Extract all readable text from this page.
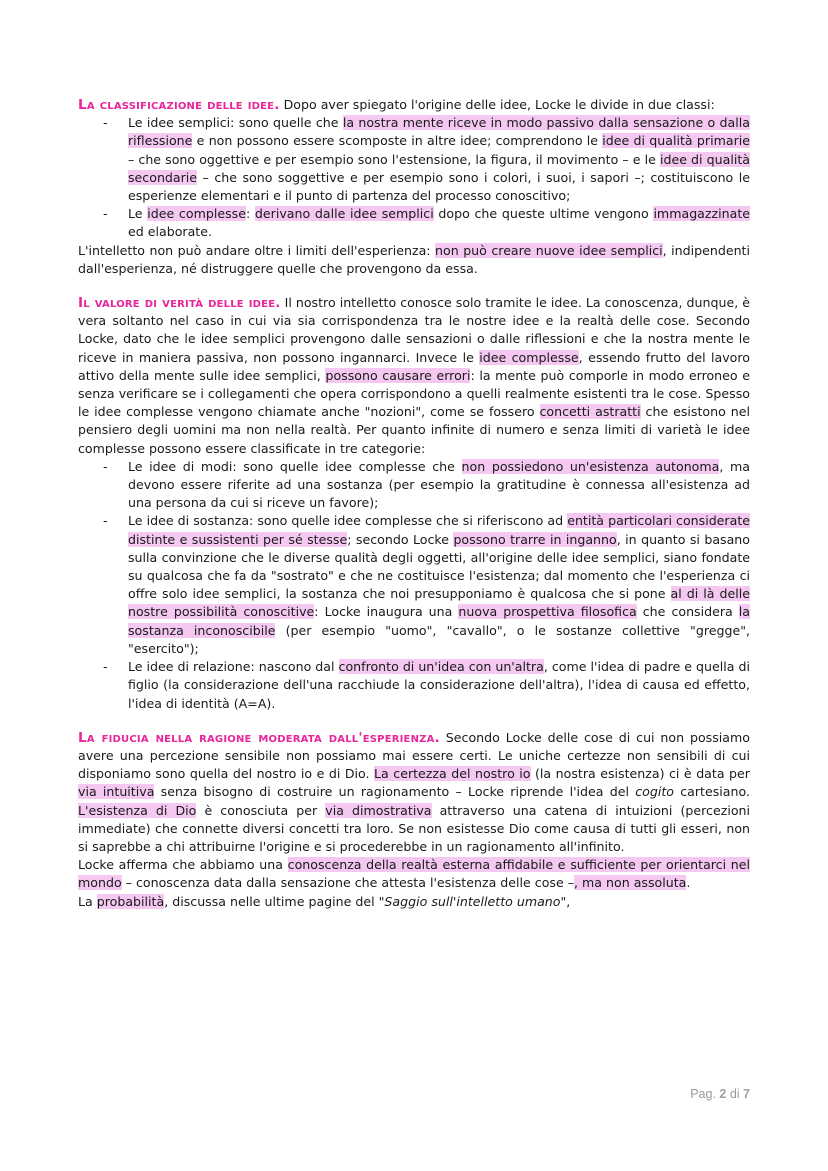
La classificazione delle idee. Dopo aver spiegato l'origine delle idee, Locke le divide in due classi:

- Le idee semplici: sono quelle che la nostra mente riceve in modo passivo dalla sensazione o dalla riflessione e non possono essere scomposte in altre idee; comprendono le idee di qualità primarie – che sono oggettive e per esempio sono l'estensione, la figura, il movimento – e le idee di qualità secondarie – che sono soggettive e per esempio sono i colori, i suoi, i sapori –; costituiscono le esperienze elementari e il punto di partenza del processo conoscitivo;
- Le idee complesse: derivano dalle idee semplici dopo che queste ultime vengono immagazzinate ed elaborate.

L'intelletto non può andare oltre i limiti dell'esperienza: non può creare nuove idee semplici, indipendenti dall'esperienza, né distruggere quelle che provengono da essa.

Il valore di verità delle idee. Il nostro intelletto conosce solo tramite le idee. La conoscenza, dunque, è vera soltanto nel caso in cui via sia corrispondenza tra le nostre idee e la realtà delle cose. Secondo Locke, dato che le idee semplici provengono dalle sensazioni o dalle riflessioni e che la nostra mente le riceve in maniera passiva, non possono ingannarci. Invece le idee complesse, essendo frutto del lavoro attivo della mente sulle idee semplici, possono causare errori: la mente può comporle in modo erroneo e senza verificare se i collegamenti che opera corrispondono a quelli realmente esistenti tra le cose. Spesso le idee complesse vengono chiamate anche "nozioni", come se fossero concetti astratti che esistono nel pensiero degli uomini ma non nella realtà. Per quanto infinite di numero e senza limiti di varietà le idee complesse possono essere classificate in tre categorie:

- Le idee di modi: sono quelle idee complesse che non possiedono un'esistenza autonoma, ma devono essere riferite ad una sostanza (per esempio la gratitudine è connessa all'esistenza ad una persona da cui si riceve un favore);
- Le idee di sostanza: sono quelle idee complesse che si riferiscono ad entità particolari considerate distinte e sussistenti per sé stesse; secondo Locke possono trarre in inganno, in quanto si basano sulla convinzione che le diverse qualità degli oggetti, all'origine delle idee semplici, siano fondate su qualcosa che fa da "sostrato" e che ne costituisce l'esistenza; dal momento che l'esperienza ci offre solo idee semplici, la sostanza che noi presupponiamo è qualcosa che si pone al di là delle nostre possibilità conoscitive: Locke inaugura una nuova prospettiva filosofica che considera la sostanza inconoscibile (per esempio "uomo", "cavallo", o le sostanze collettive "gregge", "esercito");
- Le idee di relazione: nascono dal confronto di un'idea con un'altra, come l'idea di padre e quella di figlio (la considerazione dell'una racchiude la considerazione dell'altra), l'idea di causa ed effetto, l'idea di identità (A=A).

La fiducia nella ragione moderata dall'esperienza. Secondo Locke delle cose di cui non possiamo avere una percezione sensibile non possiamo mai essere certi. Le uniche certezze non sensibili di cui disponiamo sono quella del nostro io e di Dio. La certezza del nostro io (la nostra esistenza) ci è data per via intuitiva senza bisogno di costruire un ragionamento – Locke riprende l'idea del cogito cartesiano. L'esistenza di Dio è conosciuta per via dimostrativa attraverso una catena di intuizioni (percezioni immediate) che connette diversi concetti tra loro. Se non esistesse Dio come causa di tutti gli esseri, non si saprebbe a chi attribuirne l'origine e si procederebbe in un ragionamento all'infinito.

Locke afferma che abbiamo una conoscenza della realtà esterna affidabile e sufficiente per orientarci nel mondo – conoscenza data dalla sensazione che attesta l'esistenza delle cose –, ma non assoluta.

La probabilità, discussa nelle ultime pagine del "Saggio sull'intelletto umano",

Pag. 2 di 7
